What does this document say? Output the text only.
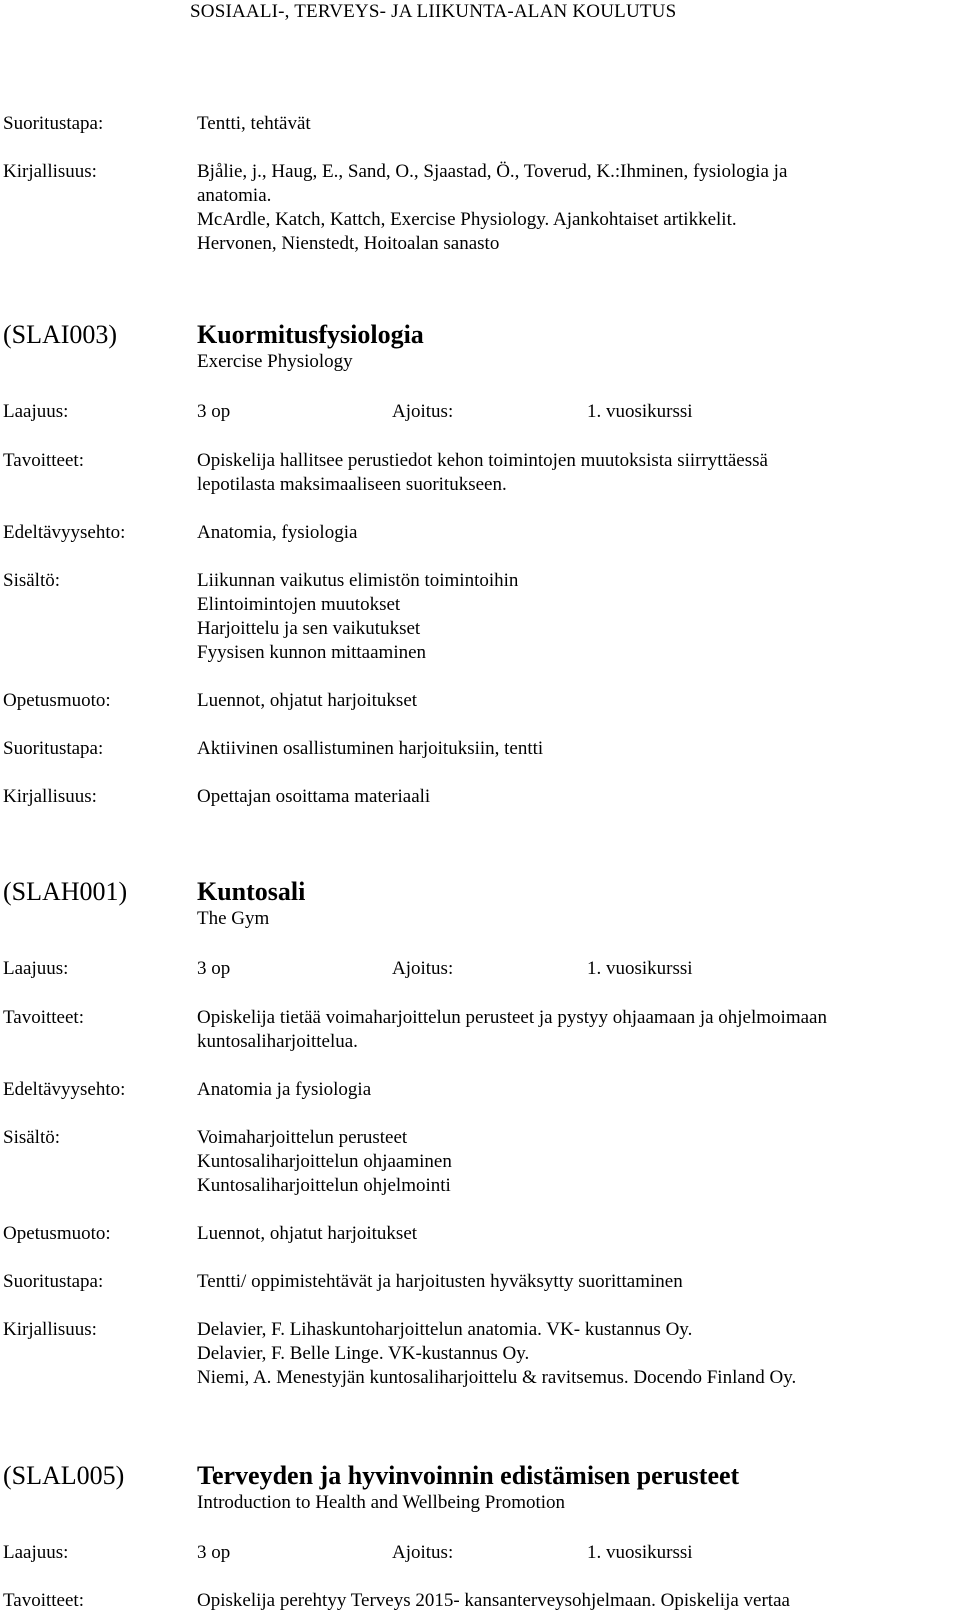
SOSIAALI-, TERVEYS- JA LIIKUNTA-ALAN KOULUTUS
Suoritustapa:	Tentti, tehtävät
Kirjallisuus:	Bjålie, j., Haug, E., Sand, O., Sjaastad, Ö., Toverud, K.:Ihminen, fysiologia ja
anatomia.
McArdle, Katch, Kattch, Exercise Physiology. Ajankohtaiset artikkelit.
Hervonen, Nienstedt, Hoitoalan sanasto
(SLAI003)	Kuormitusfysiologia
Exercise Physiology
Laajuus:	3 op	Ajoitus:	1. vuosikurssi
Tavoitteet:	Opiskelija hallitsee perustiedot kehon toimintojen muutoksista siirryttäessä
lepotilasta maksimaaliseen suoritukseen.
Edeltävyysehto:	Anatomia, fysiologia
Sisältö:	Liikunnan vaikutus elimistön toimintoihin
Elintoimintojen muutokset
Harjoittelu ja sen vaikutukset
Fyysisen kunnon mittaaminen
Opetusmuoto:	Luennot, ohjatut harjoitukset
Suoritustapa:	Aktiivinen osallistuminen harjoituksiin, tentti
Kirjallisuus:	Opettajan osoittama materiaali
(SLAH001)	Kuntosali
The Gym
Laajuus:	3 op	Ajoitus:	1. vuosikurssi
Tavoitteet:	Opiskelija tietää voimaharjoittelun perusteet ja pystyy ohjaamaan ja ohjelmoimaan
kuntosaliharjoittelua.
Edeltävyysehto:	Anatomia ja fysiologia
Sisältö:	Voimaharjoittelun perusteet
Kuntosaliharjoittelun ohjaaminen
Kuntosaliharjoittelun ohjelmointi
Opetusmuoto:	Luennot, ohjatut harjoitukset
Suoritustapa:	Tentti/ oppimistehtävät ja harjoitusten hyväksytty suorittaminen
Kirjallisuus:	Delavier, F. Lihaskuntoharjoittelun anatomia. VK- kustannus Oy.
Delavier, F. Belle Linge. VK-kustannus Oy.
Niemi, A. Menestyjän kuntosaliharjoittelu & ravitsemus. Docendo Finland Oy.
(SLAL005)	Terveyden ja hyvinvoinnin edistämisen perusteet
Introduction to Health and Wellbeing Promotion
Laajuus:	3 op	Ajoitus:	1. vuosikurssi
Tavoitteet:	Opiskelija perehtyy Terveys 2015- kansanterveysohjelmaan. Opiskelija vertaa
